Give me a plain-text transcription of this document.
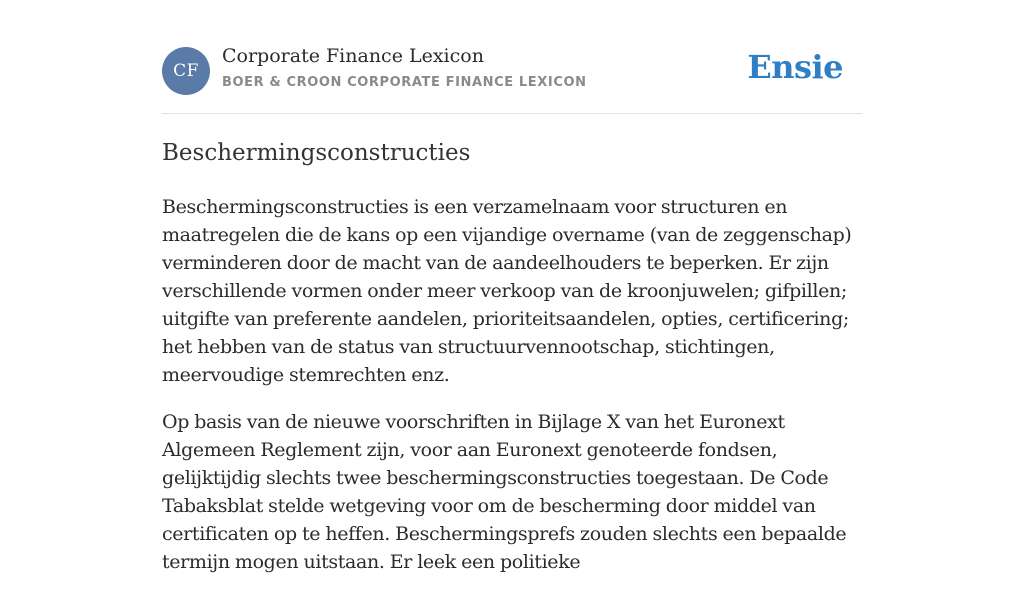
CF
Corporate Finance Lexicon
BOER & CROON CORPORATE FINANCE LEXICON	Ensie
Beschermingsconstructies

Beschermingsconstructies is een verzamelnaam voor structuren en maatregelen die de kans op een vijandige overname (van de zeggenschap) verminderen door de macht van de aandeelhouders te beperken. Er zijn verschillende vormen onder meer verkoop van de kroonjuwelen; gifpillen; uitgifte van preferente aandelen, prioriteitsaandelen, opties, certificering; het hebben van de status van structuurvennootschap, stichtingen, meervoudige stemrechten enz.

Op basis van de nieuwe voorschriften in Bijlage X van het Euronext Algemeen Reglement zijn, voor aan Euronext genoteerde fondsen, gelijktijdig slechts twee beschermingsconstructies toegestaan. De Code Tabaksblat stelde wetgeving voor om de bescherming door middel van certificaten op te heffen. Beschermingsprefs zouden slechts een bepaalde termijn mogen uitstaan. Er leek een politieke
